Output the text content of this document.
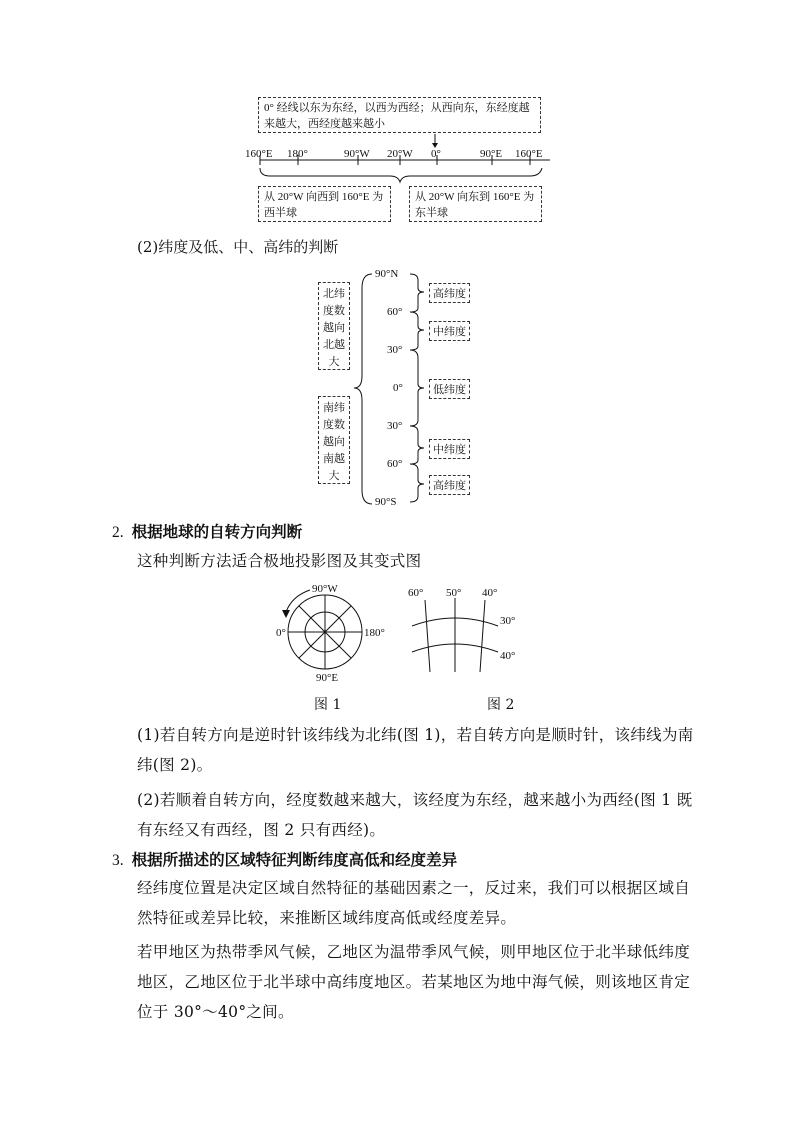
0° 经线以东为东经，以西为西经；从西向东，东经度越来越大，西经度越来越小
160°E 180°	90°W 20°W 0°	90°E 160°E
从 20°W 向西到 160°E 为西半球
从 20°W 向东到 160°E 为东半球
(2)纬度及低、中、高纬的判断
北纬度数越向北越大
南纬度数越向南越大
90°N
60°
30°
0°
30°
60°
90°S
高纬度
中纬度
低纬度
中纬度
高纬度
2. 根据地球的自转方向判断
这种判断方法适合极地投影图及其变式图
90°W
0°	180°
90°E
图 1
60° 50° 40°
30°
40°
图 2
(1)若自转方向是逆时针该纬线为北纬(图 1)，若自转方向是顺时针，该纬线为南纬(图 2)。
(2)若顺着自转方向，经度数越来越大，该经度为东经，越来越小为西经(图 1 既有东经又有西经，图 2 只有西经)。
3. 根据所描述的区域特征判断纬度高低和经度差异
经纬度位置是决定区域自然特征的基础因素之一，反过来，我们可以根据区域自然特征或差异比较，来推断区域纬度高低或经度差异。
若甲地区为热带季风气候，乙地区为温带季风气候，则甲地区位于北半球低纬度地区，乙地区位于北半球中高纬度地区。若某地区为地中海气候，则该地区肯定位于 30°～40°之间。
